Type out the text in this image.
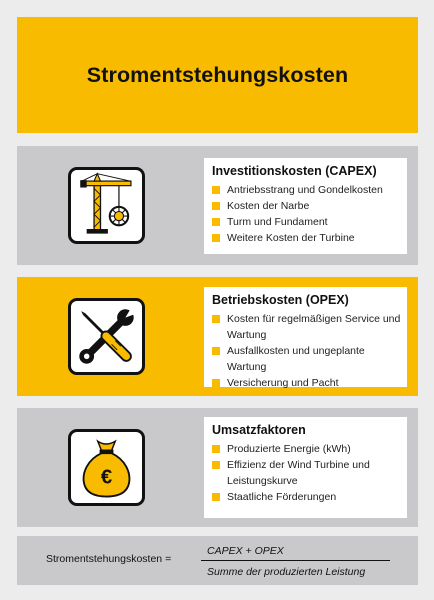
Stromentstehungskosten
Investitionskosten (CAPEX)
Antriebsstrang und Gondelkosten
Kosten der Narbe
Turm und Fundament
Weitere Kosten der Turbine
Betriebskosten (OPEX)
Kosten für regelmäßigen Service und Wartung
Ausfallkosten und ungeplante Wartung
Versicherung und Pacht
€
Umsatzfaktoren
Produzierte Energie (kWh)
Effizienz der Wind Turbine und Leistungskurve
Staatliche Förderungen
Stromentstehungskosten =
CAPEX + OPEX
Summe der produzierten Leistung
